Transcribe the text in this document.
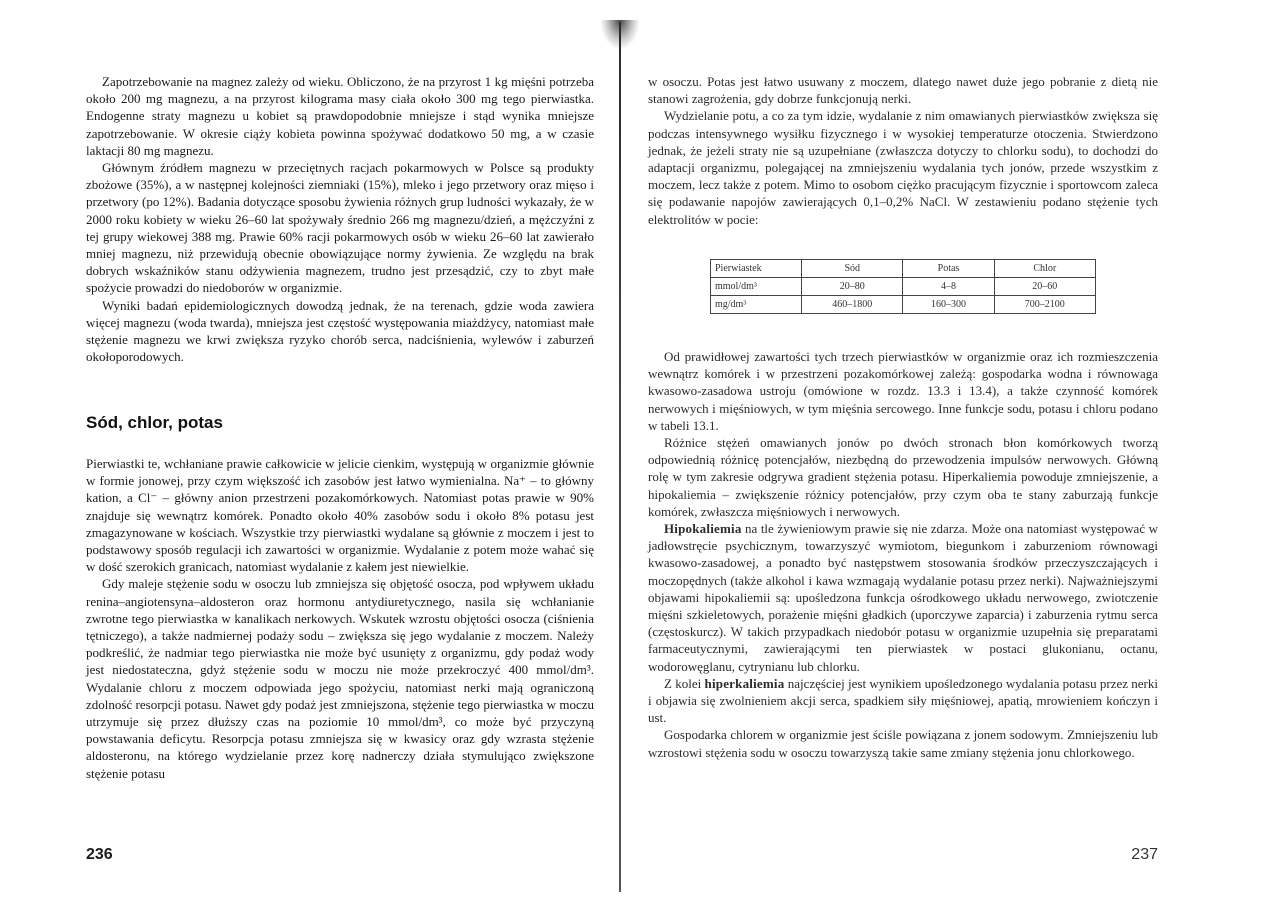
Zapotrzebowanie na magnez zależy od wieku. Obliczono, że na przyrost 1 kg mięśni potrzeba około 200 mg magnezu, a na przyrost kilograma masy ciała około 300 mg tego pierwiastka. Endogenne straty magnezu u kobiet są prawdopodobnie mniejsze i stąd wynika mniejsze zapotrzebowanie. W okresie ciąży kobieta powinna spożywać dodatkowo 50 mg, a w czasie laktacji 80 mg magnezu.

Głównym źródłem magnezu w przeciętnych racjach pokarmowych w Polsce są produkty zbożowe (35%), a w następnej kolejności ziemniaki (15%), mleko i jego przetwory oraz mięso i przetwory (po 12%). Badania dotyczące sposobu żywienia różnych grup ludności wykazały, że w 2000 roku kobiety w wieku 26–60 lat spożywały średnio 266 mg magnezu/dzień, a mężczyźni z tej grupy wiekowej 388 mg. Prawie 60% racji pokarmowych osób w wieku 26–60 lat zawierało mniej magnezu, niż przewidują obecnie obowiązujące normy żywienia. Ze względu na brak dobrych wskaźników stanu odżywienia magnezem, trudno jest przesądzić, czy to zbyt małe spożycie prowadzi do niedoborów w organizmie.

Wyniki badań epidemiologicznych dowodzą jednak, że na terenach, gdzie woda zawiera więcej magnezu (woda twarda), mniejsza jest częstość występowania miażdżycy, natomiast małe stężenie magnezu we krwi zwiększa ryzyko chorób serca, nadciśnienia, wylewów i zaburzeń okołoporodowych.

Sód, chlor, potas

Pierwiastki te, wchłaniane prawie całkowicie w jelicie cienkim, występują w organizmie głównie w formie jonowej, przy czym większość ich zasobów jest łatwo wymienialna. Na⁺ – to główny kation, a Cl⁻ – główny anion przestrzeni pozakomórkowych. Natomiast potas prawie w 90% znajduje się wewnątrz komórek. Ponadto około 40% zasobów sodu i około 8% potasu jest zmagazynowane w kościach. Wszystkie trzy pierwiastki wydalane są głównie z moczem i jest to podstawowy sposób regulacji ich zawartości w organizmie. Wydalanie z potem może wahać się w dość szerokich granicach, natomiast wydalanie z kałem jest niewielkie.

Gdy maleje stężenie sodu w osoczu lub zmniejsza się objętość osocza, pod wpływem układu renina–angiotensyna–aldosteron oraz hormonu antydiuretycznego, nasila się wchłanianie zwrotne tego pierwiastka w kanalikach nerkowych. Wskutek wzrostu objętości osocza (ciśnienia tętniczego), a także nadmiernej podaży sodu – zwiększa się jego wydalanie z moczem. Należy podkreślić, że nadmiar tego pierwiastka nie może być usunięty z organizmu, gdy podaż wody jest niedostateczna, gdyż stężenie sodu w moczu nie może przekroczyć 400 mmol/dm³. Wydalanie chloru z moczem odpowiada jego spożyciu, natomiast nerki mają ograniczoną zdolność resorpcji potasu. Nawet gdy podaż jest zmniejszona, stężenie tego pierwiastka w moczu utrzymuje się przez dłuższy czas na poziomie 10 mmol/dm³, co może być przyczyną powstawania deficytu. Resorpcja potasu zmniejsza się w kwasicy oraz gdy wzrasta stężenie aldosteronu, na którego wydzielanie przez korę nadnerczy działa stymulująco zwiększone stężenie potasu

236

w osoczu. Potas jest łatwo usuwany z moczem, dlatego nawet duże jego pobranie z dietą nie stanowi zagrożenia, gdy dobrze funkcjonują nerki.

Wydzielanie potu, a co za tym idzie, wydalanie z nim omawianych pierwiastków zwiększa się podczas intensywnego wysiłku fizycznego i w wysokiej temperaturze otoczenia. Stwierdzono jednak, że jeżeli straty nie są uzupełniane (zwłaszcza dotyczy to chlorku sodu), to dochodzi do adaptacji organizmu, polegającej na zmniejszeniu wydalania tych jonów, przede wszystkim z moczem, lecz także z potem. Mimo to osobom ciężko pracującym fizycznie i sportowcom zaleca się podawanie napojów zawierających 0,1–0,2% NaCl. W zestawieniu podano stężenie tych elektrolitów w pocie:

Pierwiastek	Sód	Potas	Chlor
mmol/dm³	20–80	4–8	20–60
mg/dm³	460–1800	160–300	700–2100

Od prawidłowej zawartości tych trzech pierwiastków w organizmie oraz ich rozmieszczenia wewnątrz komórek i w przestrzeni pozakomórkowej zależą: gospodarka wodna i równowaga kwasowo-zasadowa ustroju (omówione w rozdz. 13.3 i 13.4), a także czynność komórek nerwowych i mięśniowych, w tym mięśnia sercowego. Inne funkcje sodu, potasu i chloru podano w tabeli 13.1.

Różnice stężeń omawianych jonów po dwóch stronach błon komórkowych tworzą odpowiednią różnicę potencjałów, niezbędną do przewodzenia impulsów nerwowych. Główną rolę w tym zakresie odgrywa gradient stężenia potasu. Hiperkaliemia powoduje zmniejszenie, a hipokaliemia – zwiększenie różnicy potencjałów, przy czym oba te stany zaburzają funkcje komórek, zwłaszcza mięśniowych i nerwowych.

Hipokaliemia na tle żywieniowym prawie się nie zdarza. Może ona natomiast występować w jadłowstręcie psychicznym, towarzyszyć wymiotom, biegunkom i zaburzeniom równowagi kwasowo-zasadowej, a ponadto być następstwem stosowania środków przeczyszczających i moczopędnych (także alkohol i kawa wzmagają wydalanie potasu przez nerki). Najważniejszymi objawami hipokaliemii są: upośledzona funkcja ośrodkowego układu nerwowego, zwiotczenie mięśni szkieletowych, porażenie mięśni gładkich (uporczywe zaparcia) i zaburzenia rytmu serca (częstoskurcz). W takich przypadkach niedobór potasu w organizmie uzupełnia się preparatami farmaceutycznymi, zawierającymi ten pierwiastek w postaci glukonianu, octanu, wodorowęglanu, cytrynianu lub chlorku.

Z kolei hiperkaliemia najczęściej jest wynikiem upośledzonego wydalania potasu przez nerki i objawia się zwolnieniem akcji serca, spadkiem siły mięśniowej, apatią, mrowieniem kończyn i ust.

Gospodarka chlorem w organizmie jest ściśle powiązana z jonem sodowym. Zmniejszeniu lub wzrostowi stężenia sodu w osoczu towarzyszą takie same zmiany stężenia jonu chlorkowego.

237
